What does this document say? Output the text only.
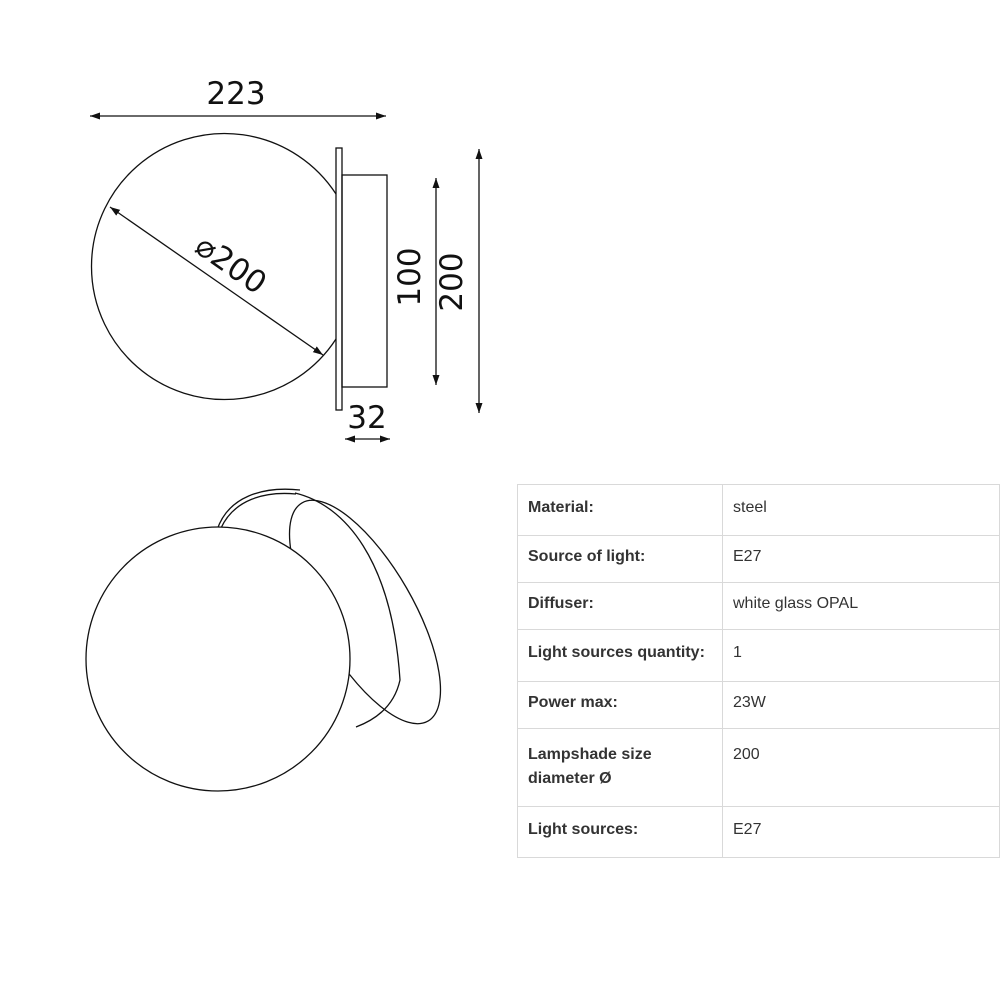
223
⌀200	100 200
32
Material:	steel

Source of light:	E27

Diffuser:	white glass OPAL

Light sources quantity:	1

Power max:	23W

Lampshade size diameter Ø	200

Light sources:	E27
